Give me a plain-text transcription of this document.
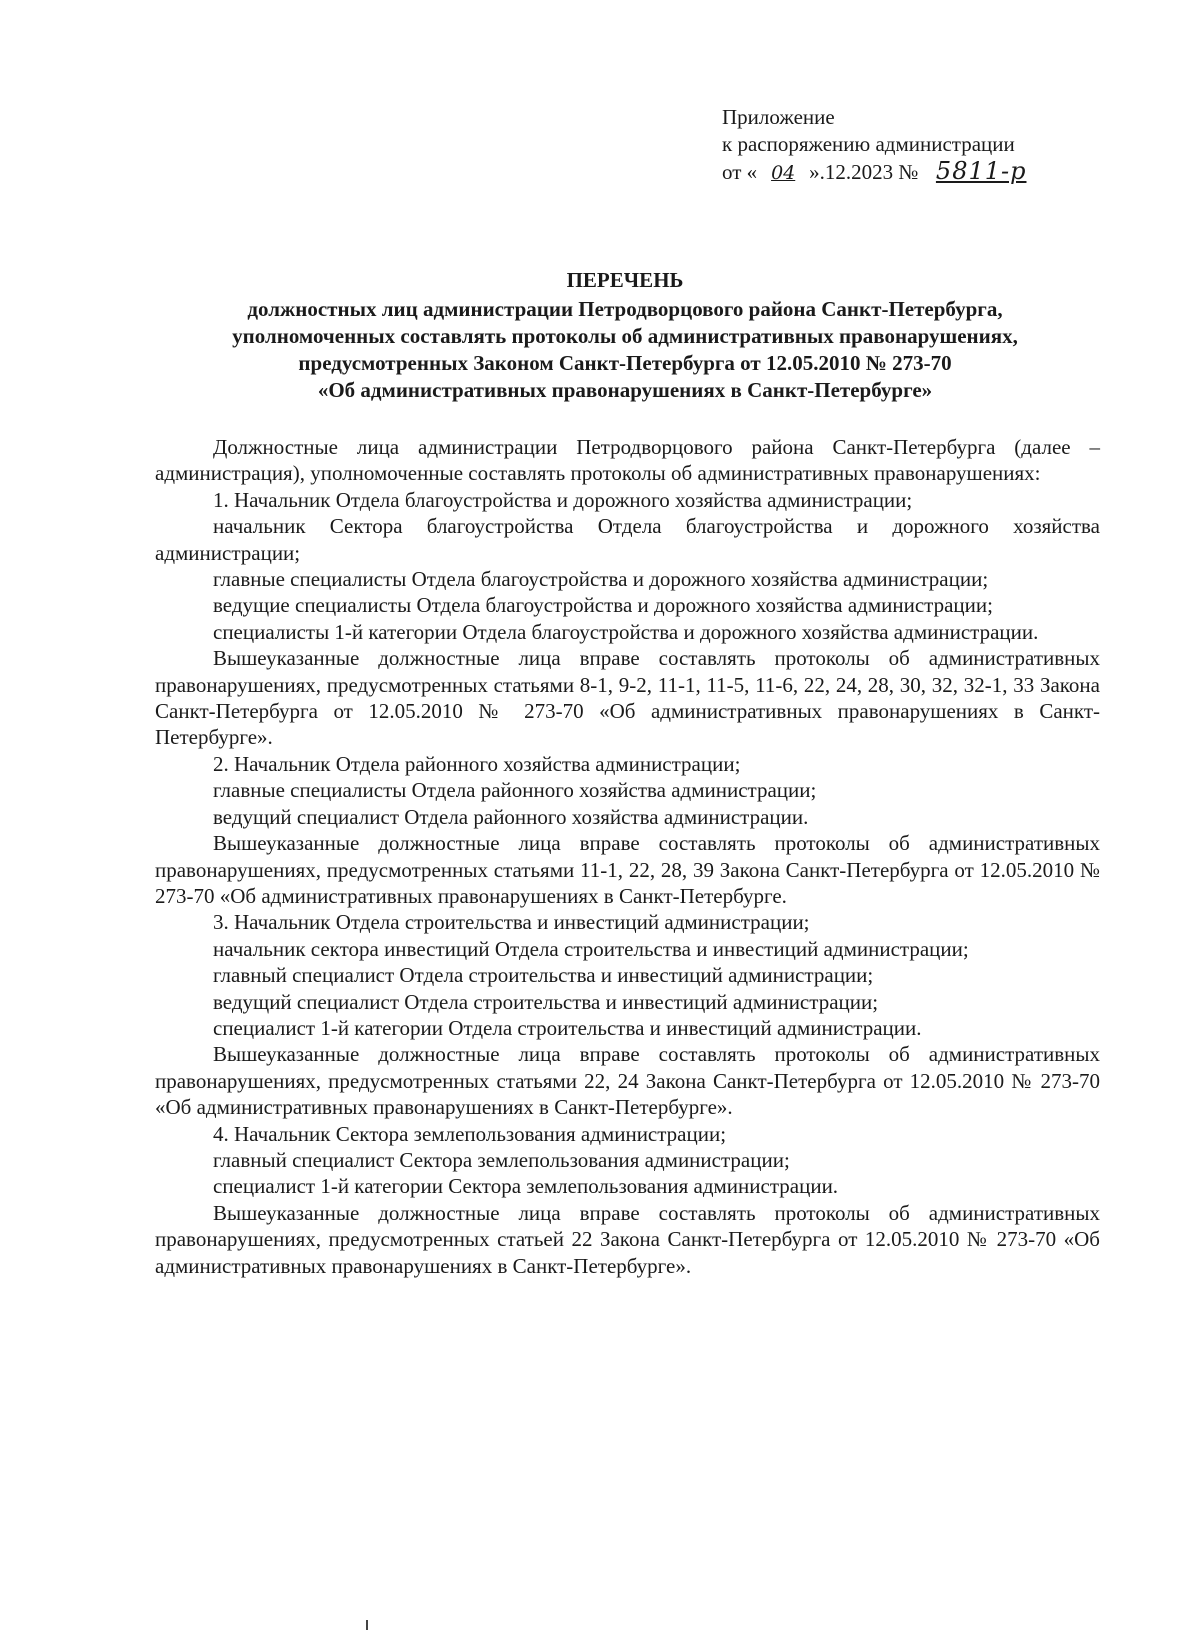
Приложение
к распоряжению администрации
от « 04 ».12.2023 № 5811-р
ПЕРЕЧЕНЬ
должностных лиц администрации Петродворцового района Санкт-Петербурга,
уполномоченных составлять протоколы об административных правонарушениях,
предусмотренных Законом Санкт-Петербурга от 12.05.2010 № 273-70
«Об административных правонарушениях в Санкт-Петербурге»

Должностные лица администрации Петродворцового района Санкт-Петербурга (далее – администрация), уполномоченные составлять протоколы об административных правонарушениях:

1. Начальник Отдела благоустройства и дорожного хозяйства администрации;

начальник Сектора благоустройства Отдела благоустройства и дорожного хозяйства администрации;

главные специалисты Отдела благоустройства и дорожного хозяйства администрации;

ведущие специалисты Отдела благоустройства и дорожного хозяйства администрации;

специалисты 1-й категории Отдела благоустройства и дорожного хозяйства администрации.

Вышеуказанные должностные лица вправе составлять протоколы об административных правонарушениях, предусмотренных статьями 8-1, 9-2, 11-1, 11-5, 11-6, 22, 24, 28, 30, 32, 32-1, 33 Закона Санкт-Петербурга от 12.05.2010 № 273-70 «Об административных правонарушениях в Санкт-Петербурге».

2. Начальник Отдела районного хозяйства администрации;

главные специалисты Отдела районного хозяйства администрации;

ведущий специалист Отдела районного хозяйства администрации.

Вышеуказанные должностные лица вправе составлять протоколы об административных правонарушениях, предусмотренных статьями 11-1, 22, 28, 39 Закона Санкт-Петербурга от 12.05.2010 № 273-70 «Об административных правонарушениях в Санкт-Петербурге.

3. Начальник Отдела строительства и инвестиций администрации;

начальник сектора инвестиций Отдела строительства и инвестиций администрации;

главный специалист Отдела строительства и инвестиций администрации;

ведущий специалист Отдела строительства и инвестиций администрации;

специалист 1-й категории Отдела строительства и инвестиций администрации.

Вышеуказанные должностные лица вправе составлять протоколы об административных правонарушениях, предусмотренных статьями 22, 24 Закона Санкт-Петербурга от 12.05.2010 № 273-70 «Об административных правонарушениях в Санкт-Петербурге».

4. Начальник Сектора землепользования администрации;

главный специалист Сектора землепользования администрации;

специалист 1-й категории Сектора землепользования администрации.

Вышеуказанные должностные лица вправе составлять протоколы об административных правонарушениях, предусмотренных статьей 22 Закона Санкт-Петербурга от 12.05.2010 № 273-70 «Об административных правонарушениях в Санкт-Петербурге».
